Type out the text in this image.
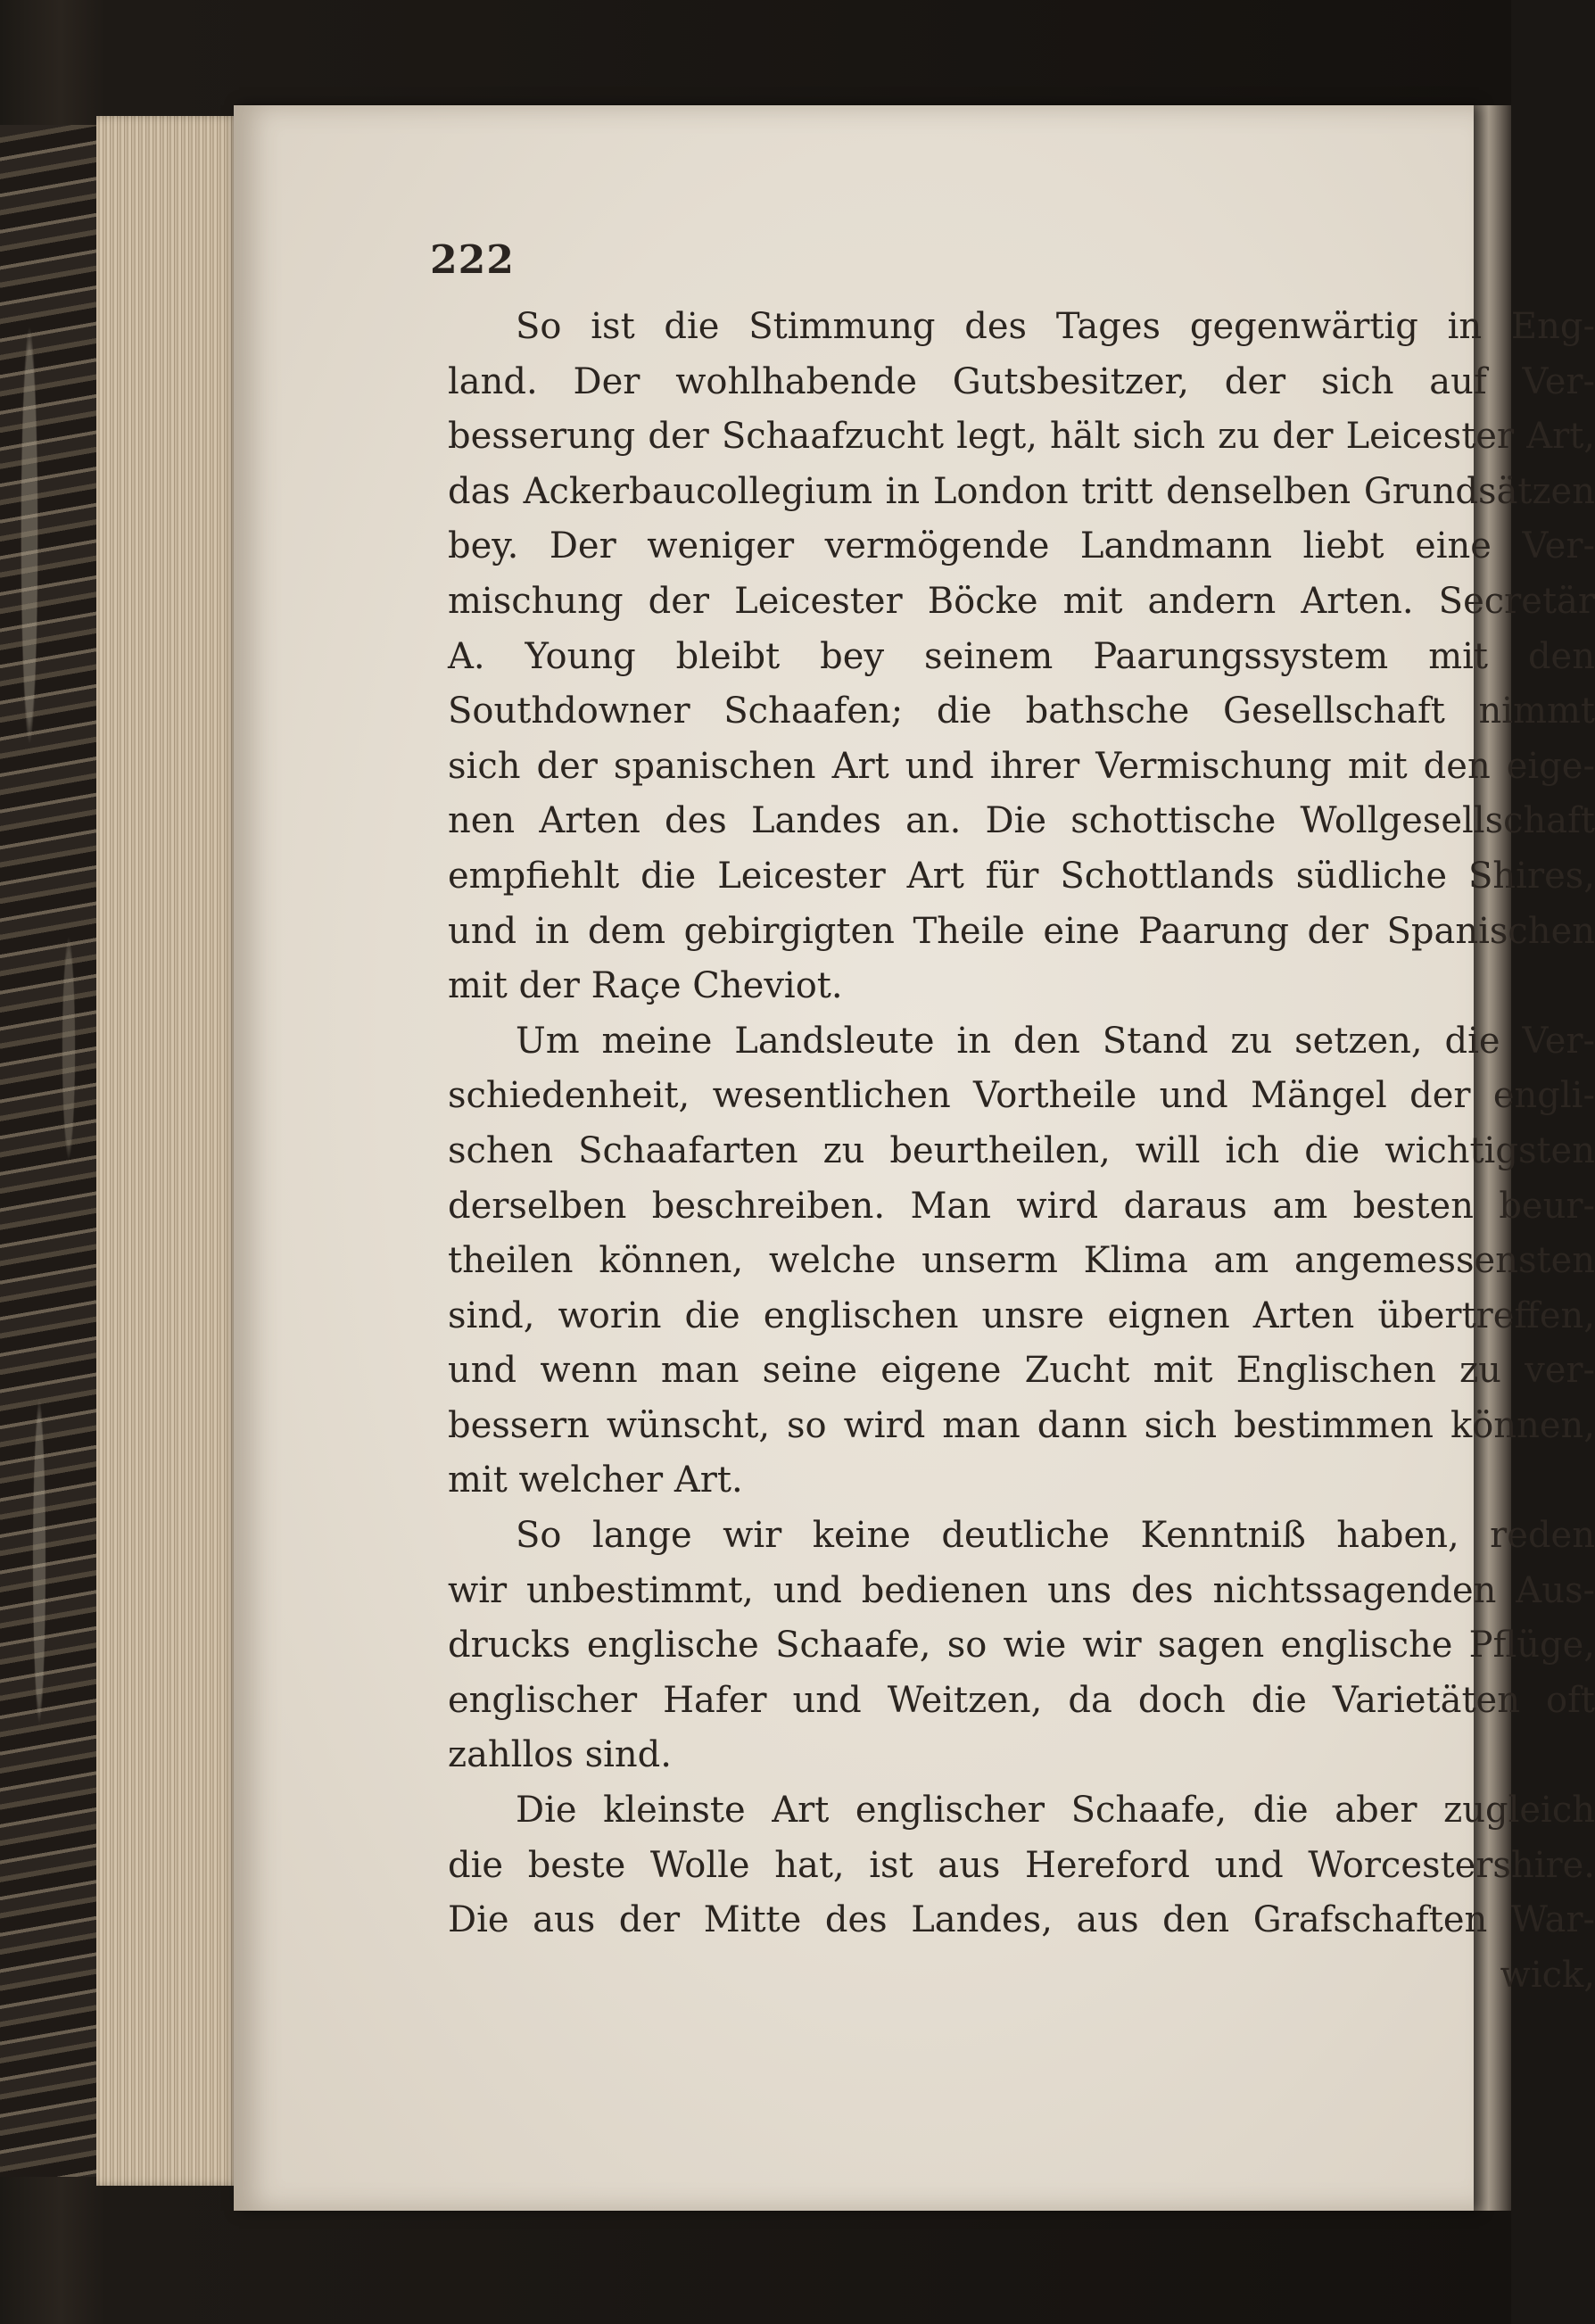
222
So ist die Stimmung des Tages gegenwärtig in Eng-
land. Der wohlhabende Gutsbesitzer, der sich auf Ver-
besserung der Schaafzucht legt, hält sich zu der Leicester Art,
das Ackerbaucollegium in London tritt denselben Grundsätzen
bey. Der weniger vermögende Landmann liebt eine Ver-
mischung der Leicester Böcke mit andern Arten. Secretär
A. Young bleibt bey seinem Paarungssystem mit den
Southdowner Schaafen; die bathsche Gesellschaft nimmt
sich der spanischen Art und ihrer Vermischung mit den eige-
nen Arten des Landes an. Die schottische Wollgesellschaft
empfiehlt die Leicester Art für Schottlands südliche Shires,
und in dem gebirgigten Theile eine Paarung der Spanischen
mit der Raçe Cheviot.
Um meine Landsleute in den Stand zu setzen, die Ver-
schiedenheit, wesentlichen Vortheile und Mängel der engli-
schen Schaafarten zu beurtheilen, will ich die wichtigsten
derselben beschreiben. Man wird daraus am besten beur-
theilen können, welche unserm Klima am angemessensten
sind, worin die englischen unsre eignen Arten übertreffen,
und wenn man seine eigene Zucht mit Englischen zu ver-
bessern wünscht, so wird man dann sich bestimmen können,
mit welcher Art.
So lange wir keine deutliche Kenntniß haben, reden
wir unbestimmt, und bedienen uns des nichtssagenden Aus-
drucks englische Schaafe, so wie wir sagen englische Pflüge,
englischer Hafer und Weitzen, da doch die Varietäten oft
zahllos sind.
Die kleinste Art englischer Schaafe, die aber zugleich
die beste Wolle hat, ist aus Hereford und Worcestershire.
Die aus der Mitte des Landes, aus den Grafschaften War-
wick,
